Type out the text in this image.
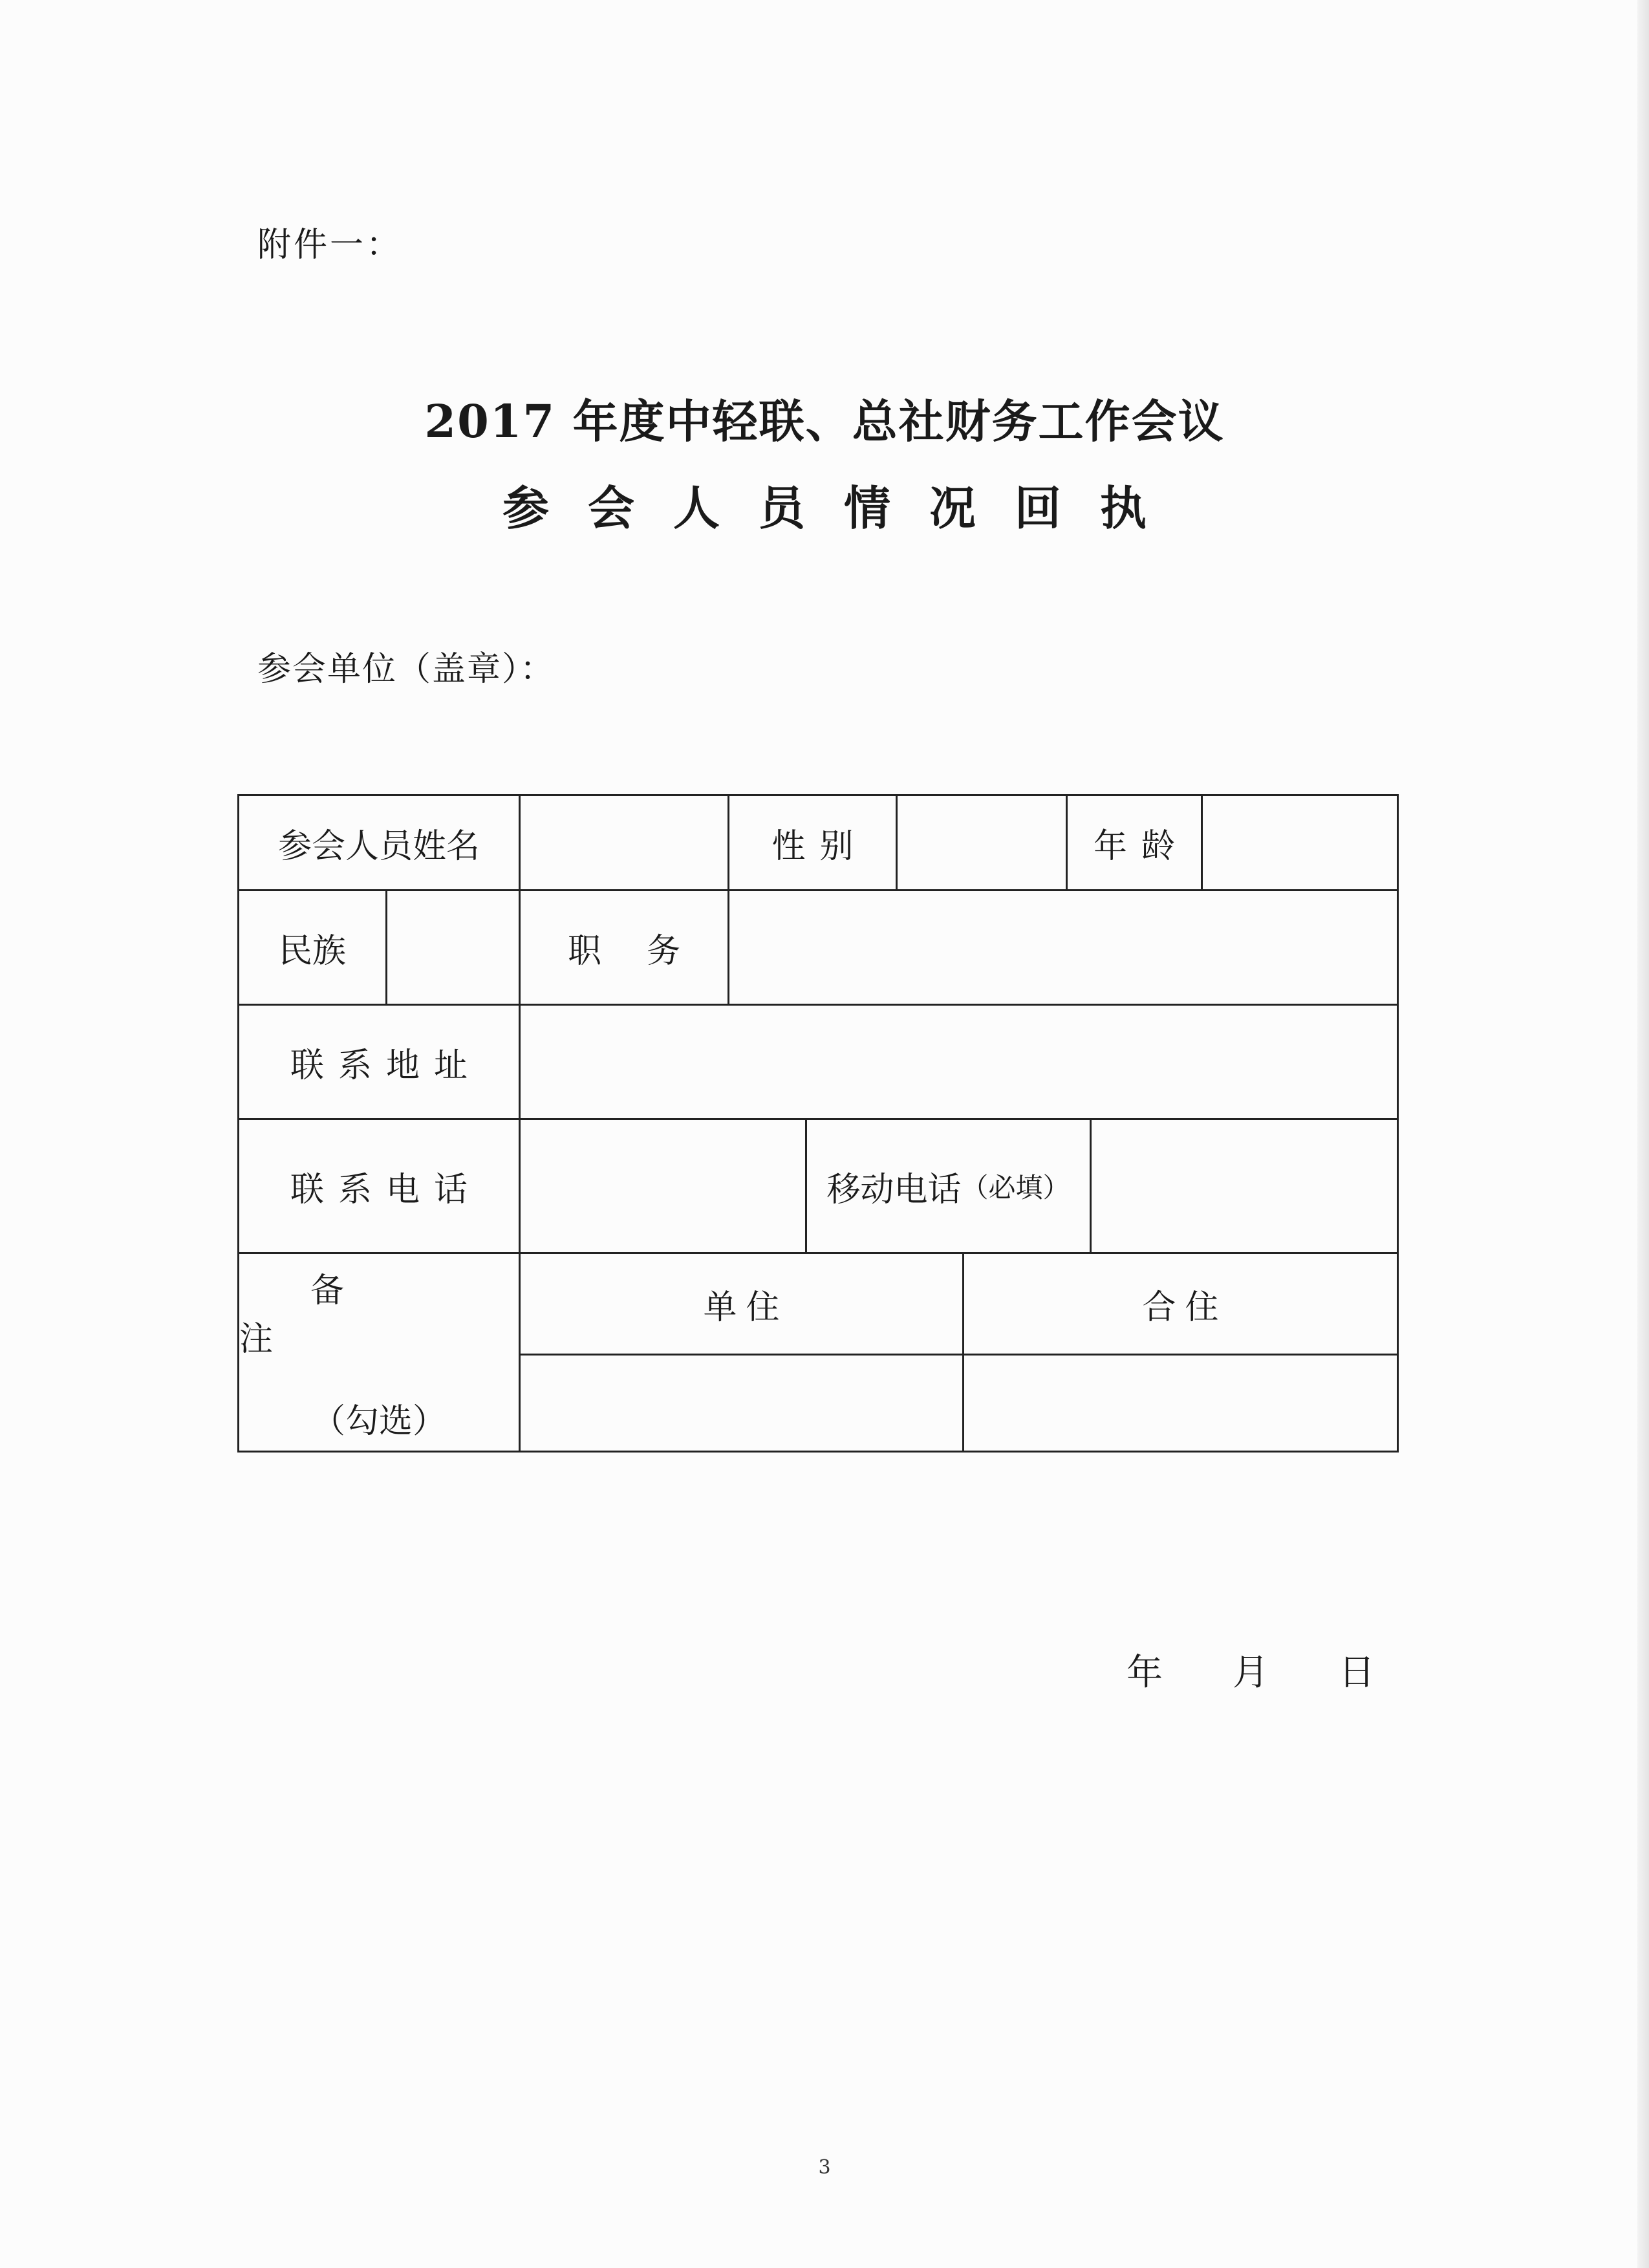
附件一：
2017 年度中轻联、总社财务工作会议
参会人员情况回执
参会单位（盖章）：
参会人员姓名	性别	年龄
民族	职务
联系地址
联系电话	移动电话 （必填）
备注
（勾选）
单住	合住
年 月 日
3
